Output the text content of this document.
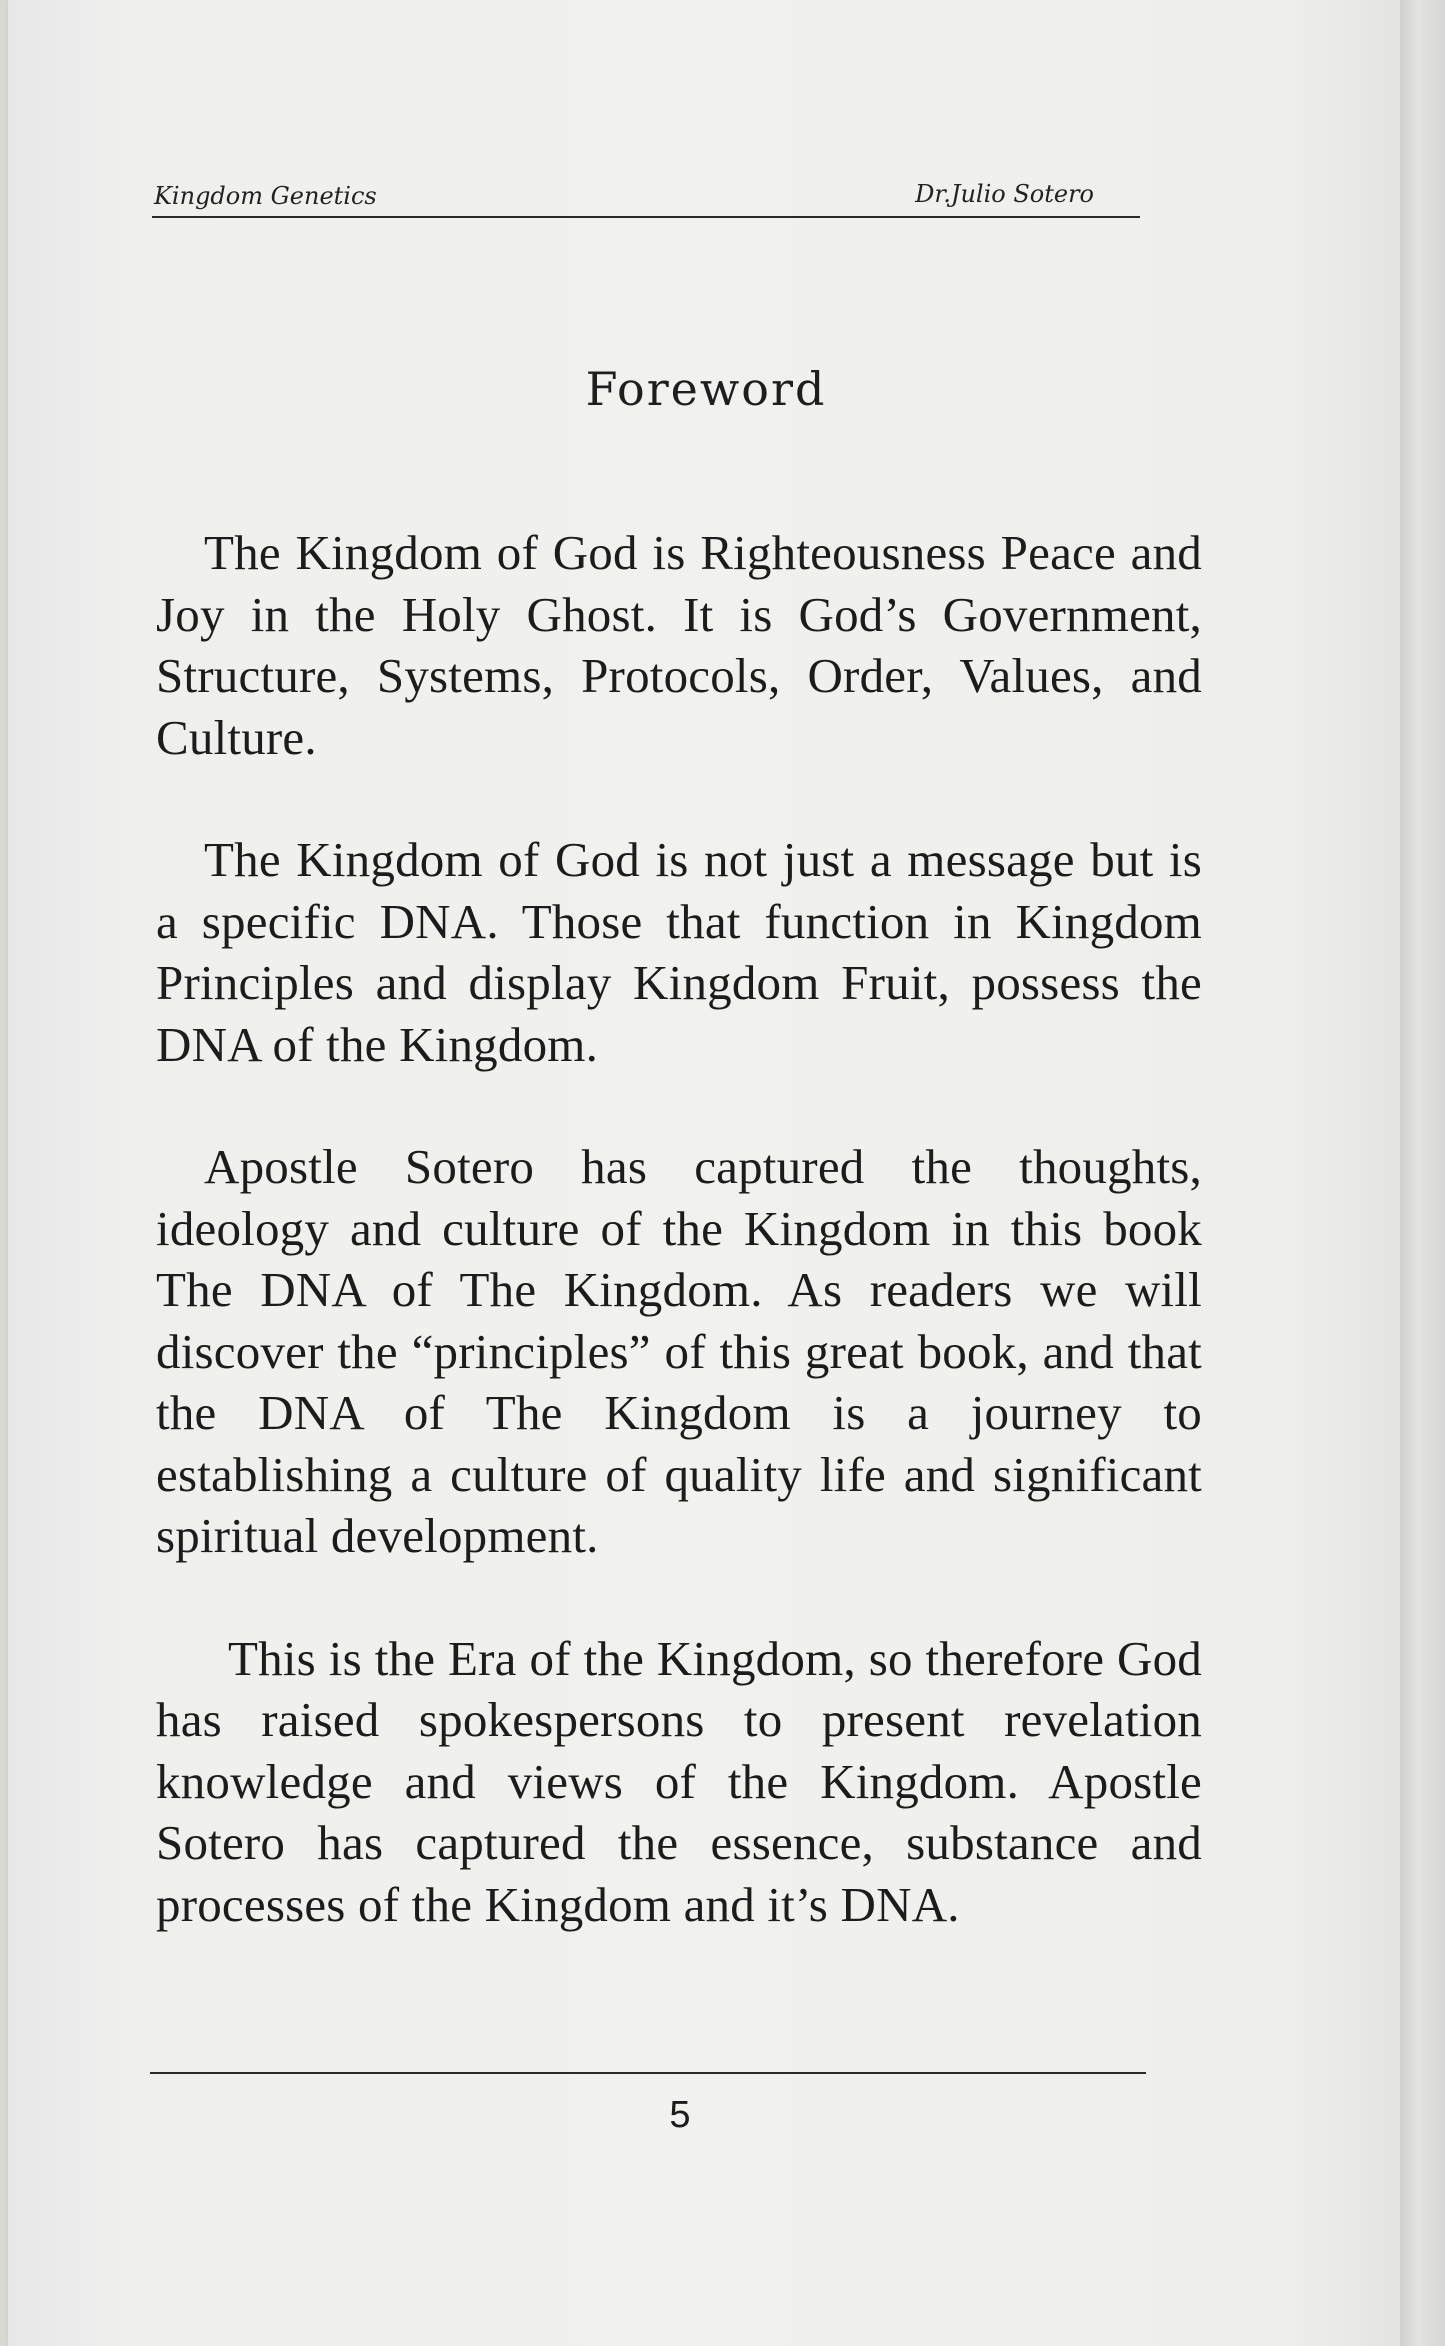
Kingdom Genetics	Dr.Julio Sotero
Foreword

The Kingdom of God is Righteousness Peace and Joy in the Holy Ghost. It is God’s Government, Structure, Systems, Protocols, Order, Values, and Culture.

The Kingdom of God is not just a message but is a specific DNA. Those that function in Kingdom Principles and display Kingdom Fruit, possess the DNA of the Kingdom.

Apostle Sotero has captured the thoughts, ideology and culture of the Kingdom in this book The DNA of The Kingdom. As readers we will discover the “principles” of this great book, and that the DNA of The Kingdom is a journey to establishing a culture of quality life and significant spiritual development.

This is the Era of the Kingdom, so therefore God has raised spokespersons to present revelation knowledge and views of the Kingdom. Apostle Sotero has captured the essence, substance and processes of the Kingdom and it’s DNA.

5
